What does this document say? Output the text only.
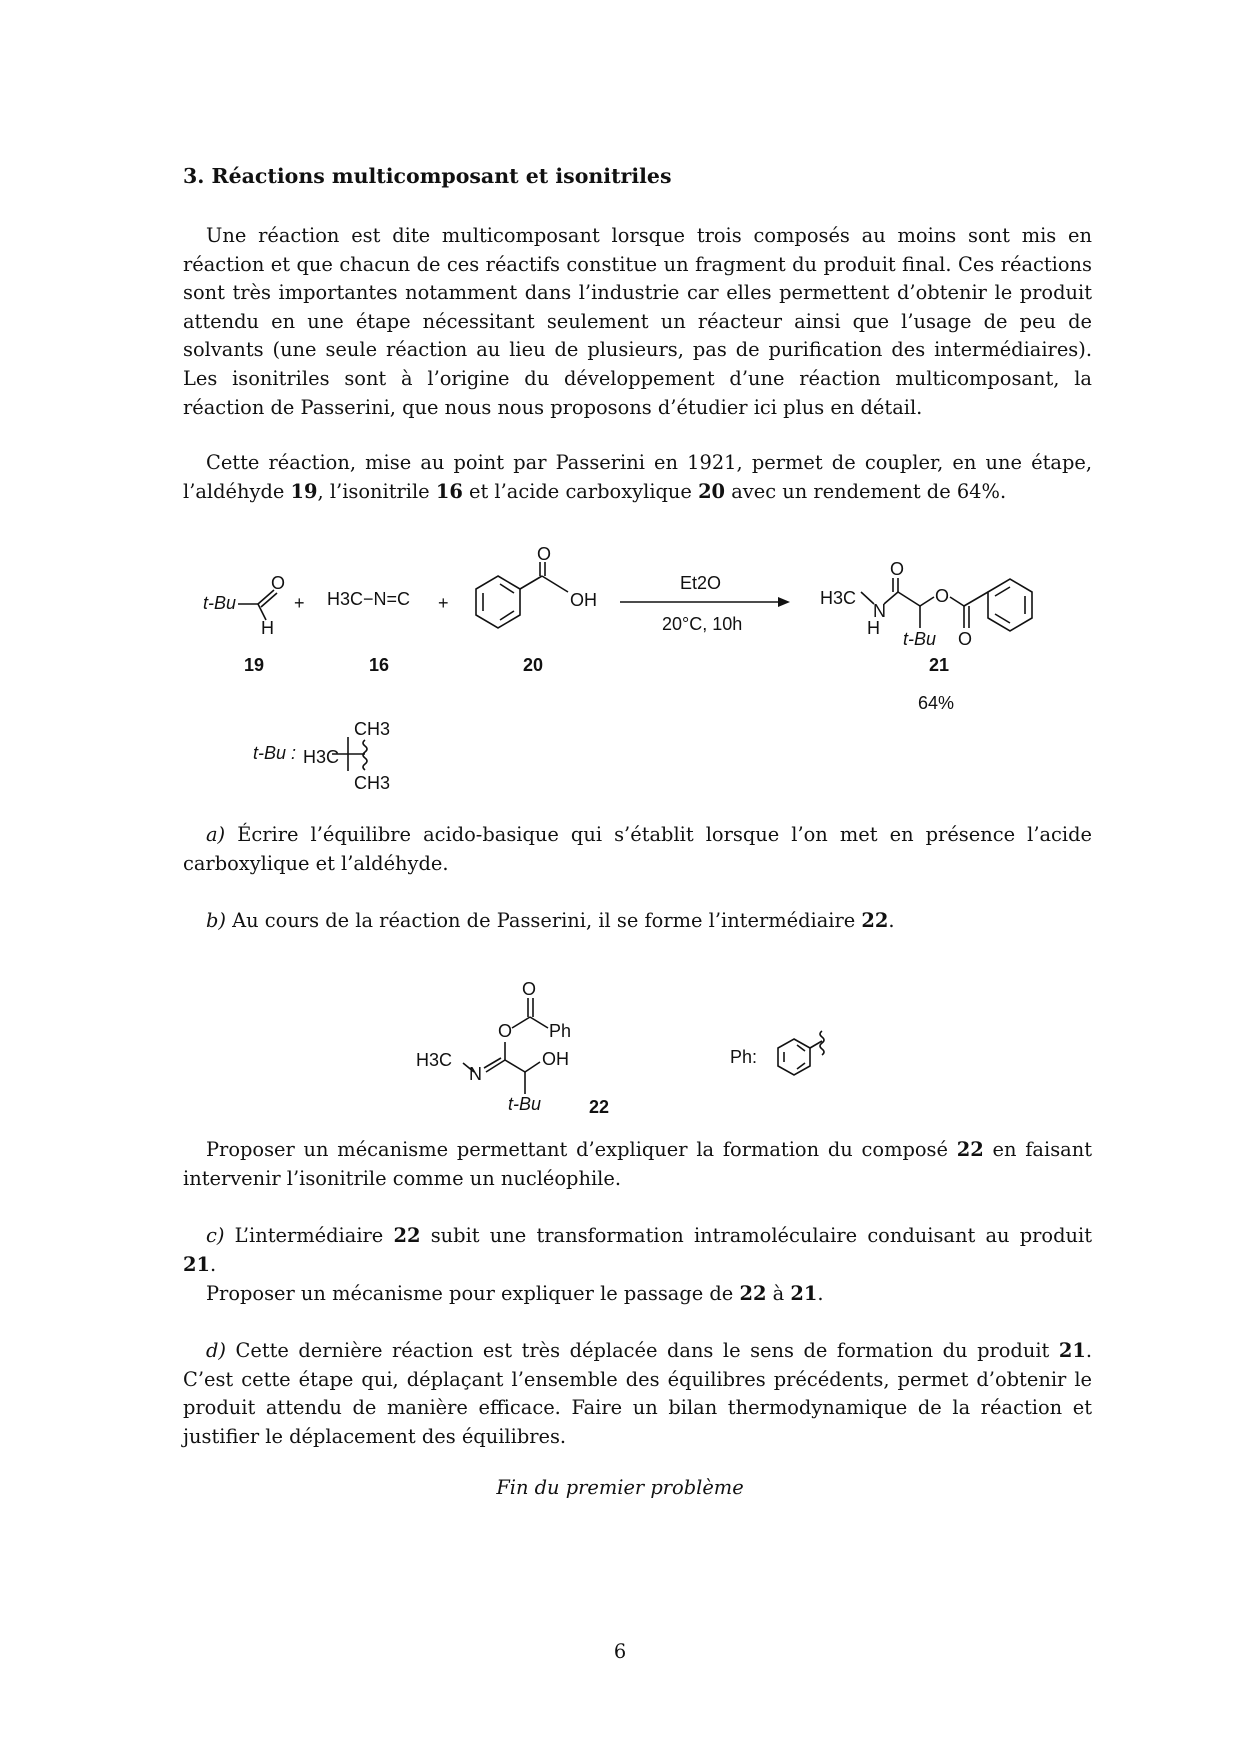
3. Réactions multicomposant et isonitriles

Une réaction est dite multicomposant lorsque trois composés au moins sont mis en réaction et que chacun de ces réactifs constitue un fragment du produit final. Ces réactions sont très importantes notamment dans l’industrie car elles permettent d’obtenir le produit attendu en une étape nécessitant seulement un réacteur ainsi que l’usage de peu de solvants (une seule réaction au lieu de plusieurs, pas de purification des intermédiaires). Les isonitriles sont à l’origine du développement d’une réaction multicomposant, la réaction de Passerini, que nous nous proposons d’étudier ici plus en détail.

Cette réaction, mise au point par Passerini en 1921, permet de coupler, en une étape, l’aldéhyde 19, l’isonitrile 16 et l’acide carboxylique 20 avec un rendement de 64%.

t-Bu
O
H
+ H3C−N=C +
O
OH
Et2O
20°C, 10h
H3C
N
H
O
O
t-Bu O
19	16	20	21
64%
t-Bu : H3C
CH3
CH3

a) Écrire l’équilibre acido-basique qui s’établit lorsque l’on met en présence l’acide carboxylique et l’aldéhyde.

b) Au cours de la réaction de Passerini, il se forme l’intermédiaire 22.

O
O Ph
OH
H3C
N
t-Bu	22
Ph:

Proposer un mécanisme permettant d’expliquer la formation du composé 22 en faisant intervenir l’isonitrile comme un nucléophile.

c) L’intermédiaire 22 subit une transformation intramoléculaire conduisant au produit 21.

Proposer un mécanisme pour expliquer le passage de 22 à 21.

d) Cette dernière réaction est très déplacée dans le sens de formation du produit 21. C’est cette étape qui, déplaçant l’ensemble des équilibres précédents, permet d’obtenir le produit attendu de manière efficace. Faire un bilan thermodynamique de la réaction et justifier le déplacement des équilibres.

Fin du premier problème
6
